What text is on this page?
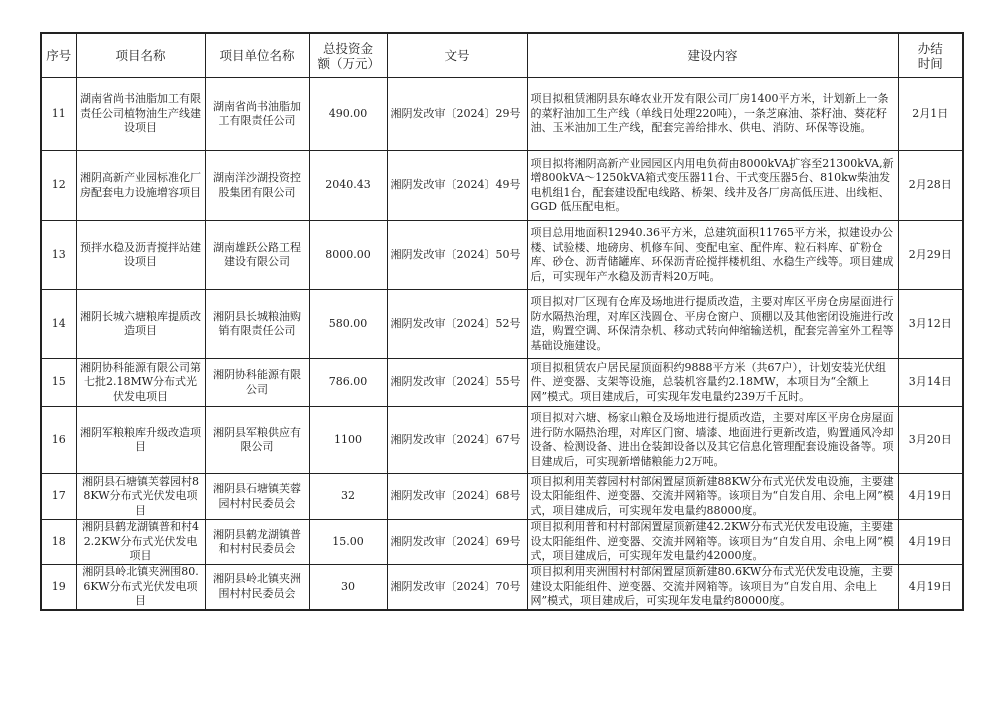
序号	项目名称	项目单位名称	总投资金额（万元）	文号	建设内容	办结时间
11	湖南省尚书油脂加工有限责任公司植物油生产线建设项目	湖南省尚书油脂加工有限责任公司	490.00	湘阴发改审〔2024〕29号	项目拟租赁湘阴县东峰农业开发有限公司厂房1400平方米，计划新上一条的菜籽油加工生产线（单线日处理220吨），一条芝麻油、茶籽油、葵花籽油、玉米油加工生产线，配套完善给排水、供电、消防、环保等设施。	2月1日
12	湘阴高新产业园标准化厂房配套电力设施增容项目	湖南洋沙湖投资控股集团有限公司	2040.43	湘阴发改审〔2024〕49号	项目拟将湘阴高新产业园园区内用电负荷由8000kVA扩容至21300kVA,新增800kVA～1250kVA箱式变压器11台、干式变压器5台、810kw柴油发电机组1台，配套建设配电线路、桥架、线井及各厂房高低压进、出线柜、GGD 低压配电柜。	2月28日
13	预拌水稳及沥青搅拌站建设项目	湖南雄跃公路工程建设有限公司	8000.00	湘阴发改审〔2024〕50号	项目总用地面积12940.36平方米，总建筑面积11765平方米，拟建设办公楼、试验楼、地磅房、机修车间、变配电室、配件库、粒石料库、矿粉仓库、砂仓、沥青储罐库、环保沥青砼搅拌楼机组、水稳生产线等。项目建成后，可实现年产水稳及沥青料20万吨。	2月29日
14	湘阴长城六塘粮库提质改造项目	湘阴县长城粮油购销有限责任公司	580.00	湘阴发改审〔2024〕52号	项目拟对厂区现有仓库及场地进行提质改造，主要对库区平房仓房屋面进行防水隔热治理，对库区浅圆仓、平房仓窗户、顶棚以及其他密闭设施进行改造，购置空调、环保清杂机、移动式转向伸缩输送机，配套完善室外工程等基础设施建设。	3月12日
15	湘阴协科能源有限公司第七批2.18MW分布式光伏发电项目	湘阴协科能源有限公司	786.00	湘阴发改审〔2024〕55号	项目拟租赁农户居民屋顶面积约9888平方米（共67户），计划安装光伏组件、逆变器、支架等设施，总装机容量约2.18MW，本项目为“全额上网”模式。项目建成后，可实现年发电量约239万千瓦时。	3月14日
16	湘阴军粮粮库升级改造项目	湘阴县军粮供应有限公司	1100	湘阴发改审〔2024〕67号	项目拟对六塘、杨家山粮仓及场地进行提质改造，主要对库区平房仓房屋面进行防水隔热治理，对库区门窗、墙漆、地面进行更新改造，购置通风冷却设备、检测设备、进出仓装卸设备以及其它信息化管理配套设施设备等。项目建成后，可实现新增储粮能力2万吨。	3月20日
17	湘阴县石塘镇芙蓉园村88KW分布式光伏发电项目	湘阴县石塘镇芙蓉园村村民委员会	32	湘阴发改审〔2024〕68号	项目拟利用芙蓉园村村部闲置屋顶新建88KW分布式光伏发电设施，主要建设太阳能组件、逆变器、交流并网箱等。该项目为“自发自用、余电上网”模式，项目建成后，可实现年发电量约88000度。	4月19日
18	湘阴县鹤龙湖镇普和村42.2KW分布式光伏发电项目	湘阴县鹤龙湖镇普和村村民委员会	15.00	湘阴发改审〔2024〕69号	项目拟利用普和村村部闲置屋顶新建42.2KW分布式光伏发电设施，主要建设太阳能组件、逆变器、交流并网箱等。该项目为“自发自用、余电上网”模式，项目建成后，可实现年发电量约42000度。	4月19日
19	湘阴县岭北镇夹洲围80.6KW分布式光伏发电项目	湘阴县岭北镇夹洲围村村民委员会	30	湘阴发改审〔2024〕70号	项目拟利用夹洲围村村部闲置屋顶新建80.6KW分布式光伏发电设施，主要建设太阳能组件、逆变器、交流并网箱等。该项目为“自发自用、余电上网”模式，项目建成后，可实现年发电量约80000度。	4月19日
